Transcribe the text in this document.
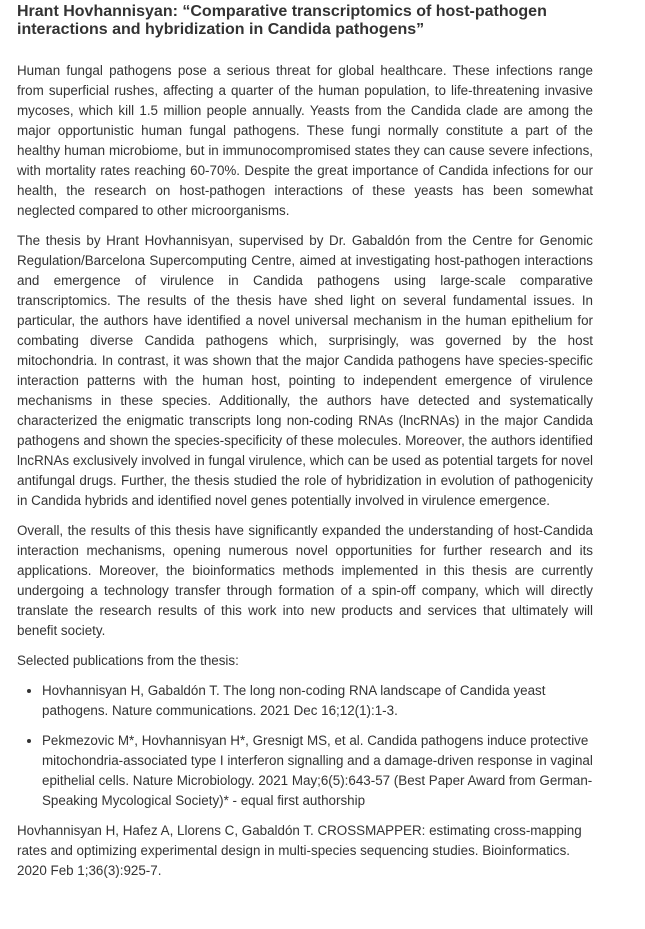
Hrant Hovhannisyan: “Comparative transcriptomics of host-pathogen interactions and hybridization in Candida pathogens”

Human fungal pathogens pose a serious threat for global healthcare. These infections range from superficial rushes, affecting a quarter of the human population, to life-threatening invasive mycoses, which kill 1.5 million people annually. Yeasts from the Candida clade are among the major opportunistic human fungal pathogens. These fungi normally constitute a part of the healthy human microbiome, but in immunocompromised states they can cause severe infections, with mortality rates reaching 60-70%. Despite the great importance of Candida infections for our health, the research on host-pathogen interactions of these yeasts has been somewhat neglected compared to other microorganisms.

The thesis by Hrant Hovhannisyan, supervised by Dr. Gabaldón from the Centre for Genomic Regulation/Barcelona Supercomputing Centre, aimed at investigating host-pathogen interactions and emergence of virulence in Candida pathogens using large-scale comparative transcriptomics. The results of the thesis have shed light on several fundamental issues. In particular, the authors have identified a novel universal mechanism in the human epithelium for combating diverse Candida pathogens which, surprisingly, was governed by the host mitochondria. In contrast, it was shown that the major Candida pathogens have species-specific interaction patterns with the human host, pointing to independent emergence of virulence mechanisms in these species. Additionally, the authors have detected and systematically characterized the enigmatic transcripts long non-coding RNAs (lncRNAs) in the major Candida pathogens and shown the species-specificity of these molecules. Moreover, the authors identified lncRNAs exclusively involved in fungal virulence, which can be used as potential targets for novel antifungal drugs. Further, the thesis studied the role of hybridization in evolution of pathogenicity in Candida hybrids and identified novel genes potentially involved in virulence emergence.

Overall, the results of this thesis have significantly expanded the understanding of host-Candida interaction mechanisms, opening numerous novel opportunities for further research and its applications. Moreover, the bioinformatics methods implemented in this thesis are currently undergoing a technology transfer through formation of a spin-off company, which will directly translate the research results of this work into new products and services that ultimately will benefit society.

Selected publications from the thesis:

• Hovhannisyan H, Gabaldón T. The long non-coding RNA landscape of Candida yeast pathogens. Nature communications. 2021 Dec 16;12(1):1-3.
• Pekmezovic M*, Hovhannisyan H*, Gresnigt MS, et al. Candida pathogens induce protective mitochondria-associated type I interferon signalling and a damage-driven response in vaginal epithelial cells. Nature Microbiology. 2021 May;6(5):643-57 (Best Paper Award from German-Speaking Mycological Society)* - equal first authorship

Hovhannisyan H, Hafez A, Llorens C, Gabaldón T. CROSSMAPPER: estimating cross-mapping rates and optimizing experimental design in multi-species sequencing studies. Bioinformatics. 2020 Feb 1;36(3):925-7.
